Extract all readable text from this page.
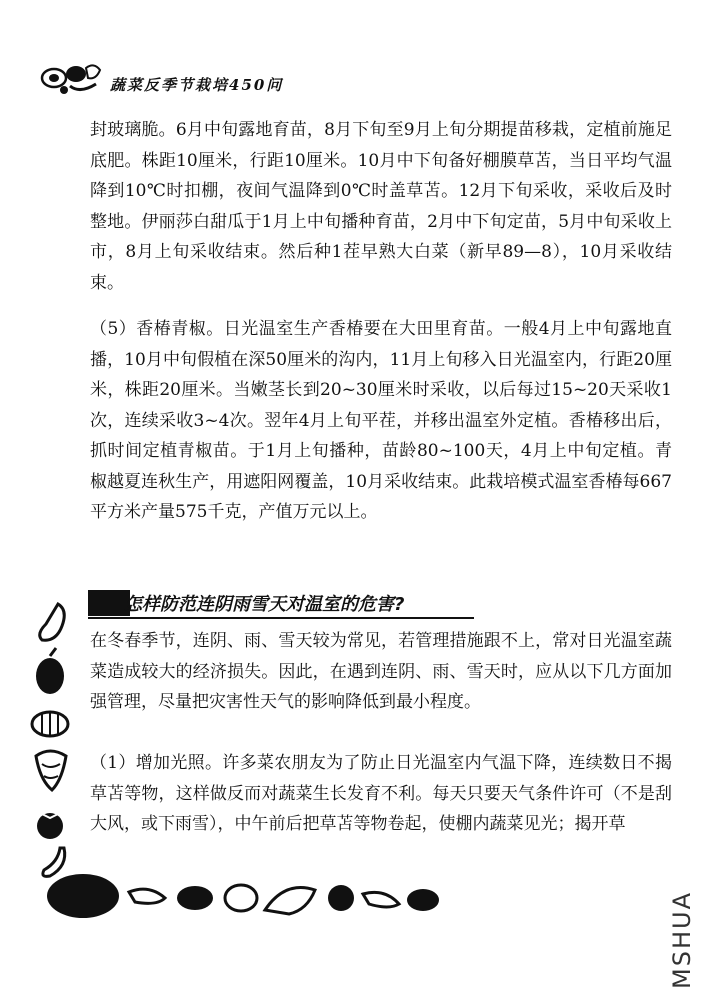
蔬菜反季节栽培450问

封玻璃脆。6月中旬露地育苗，8月下旬至9月上旬分期提苗移栽，定植前施足底肥。株距10厘米，行距10厘米。10月中下旬备好棚膜草苫，当日平均气温降到10℃时扣棚，夜间气温降到0℃时盖草苫。12月下旬采收，采收后及时整地。伊丽莎白甜瓜于1月上中旬播种育苗，2月中下旬定苗，5月中旬采收上市，8月上旬采收结束。然后种1茬早熟大白菜（新早89—8），10月采收结束。

（5）香椿青椒。日光温室生产香椿要在大田里育苗。一般4月上中旬露地直播，10月中旬假植在深50厘米的沟内，11月上旬移入日光温室内，行距20厘米，株距20厘米。当嫩茎长到20~30厘米时采收，以后每过15~20天采收1次，连续采收3~4次。翌年4月上旬平茬，并移出温室外定植。香椿移出后，抓时间定植青椒苗。于1月上旬播种，苗龄80~100天，4月上中旬定植。青椒越夏连秋生产，用遮阳网覆盖，10月采收结束。此栽培模式温室香椿每667平方米产量575千克，产值万元以上。

怎样防范连阴雨雪天对温室的危害?

在冬春季节，连阴、雨、雪天较为常见，若管理措施跟不上，常对日光温室蔬菜造成较大的经济损失。因此，在遇到连阴、雨、雪天时，应从以下几方面加强管理，尽量把灾害性天气的影响降低到最小程度。

（1）增加光照。许多菜农朋友为了防止日光温室内气温下降，连续数日不揭草苫等物，这样做反而对蔬菜生长发育不利。每天只要天气条件许可（不是刮大风，或下雨雪），中午前后把草苫等物卷起，使棚内蔬菜见光；揭开草

MSHUA
